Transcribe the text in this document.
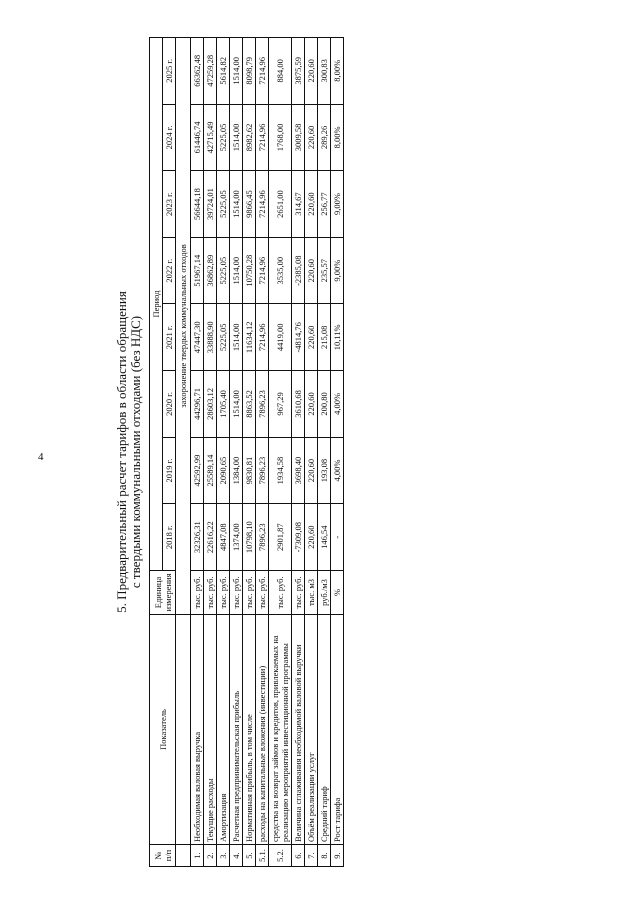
4	5. Предварительный расчет тарифов в области обращения с твердыми коммунальными отходами (без НДС)
№ п/п	Показатель	Единица измерения	Период							
			2018 г.	2019 г.	2020 г.	2021 г.	2022 г.	2023 г.	2024 г.	2025 г.
		захоронение твердых коммунальных отходов								
1.	Необходимая валовая выручка	тыс. руб.	32326,31	42592,99	44296,71	47447,30	51967,14	56644,18	61446,74	66362,48
2.	Текущие расходы	тыс. руб.	22616,22	25589,14	28603,12	33888,90	36862,89	39724,01	42715,49	47259,28
3.	Амортизация	тыс. руб.	4847,08	2090,65	1705,40	5225,05	5225,05	5225,05	5225,05	5614,82
4.	Расчетная предпринимательская прибыль	тыс. руб.	1374,00	1384,00	1514,00	1514,00	1514,00	1514,00	1514,00	1514,00
5.	Нормативная прибыль, в том числе	тыс. руб.	10798,10	9830,81	8863,52	11634,12	10750,28	9866,45	8982,62	8098,79
5.1.	расходы на капитальные вложения (инвестиции)	тыс. руб.	7896,23	7896,23	7896,23	7214,96	7214,96	7214,96	7214,96	7214,96
5.2.	средства на возврат займов и кредитов, привлекаемых на реализацию мероприятий инвестиционной программы	тыс. руб.	2901,87	1934,58	967,29	4419,00	3535,00	2651,00	1768,00	884,00
6.	Величина сглаживания необходимой валовой выручки	тыс. руб.	-7309,08	3698,40	3610,68	-4814,76	-2385,08	314,67	3009,58	3875,59
7.	Объём реализации услуг	тыс. м3	220,60	220,60	220,60	220,60	220,60	220,60	220,60	220,60
8.	Средний тариф	руб./м3	146,54	193,08	200,80	215,08	235,57	256,77	289,26	300,83
9.	Рост тарифа	%	-	4,00%	4,00%	10,11%	9,00%	9,00%	8,00%	8,00%
